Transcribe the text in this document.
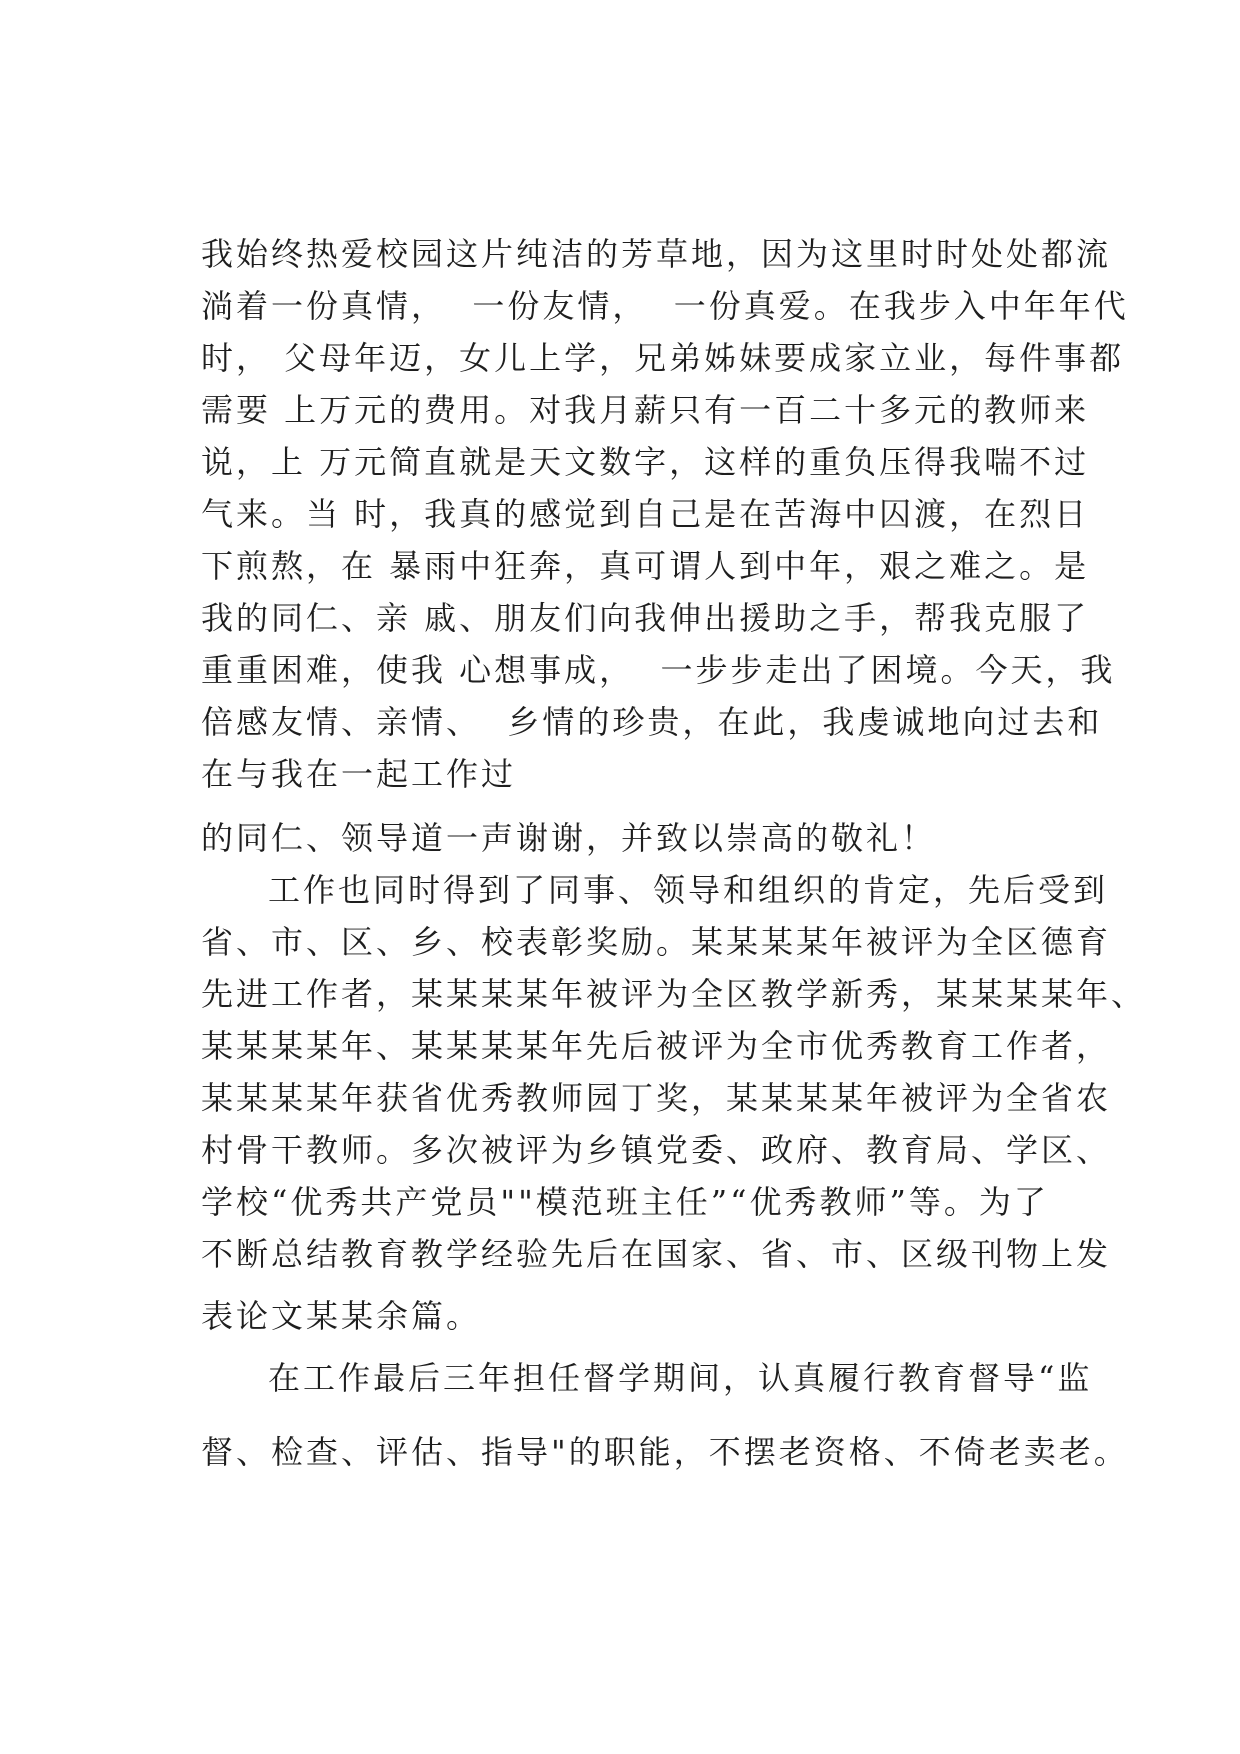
我始终热爱校园这片纯洁的芳草地，因为这里时时处处都流

淌着一份真情，  一份友情，  一份真爱。在我步入中年年代

时， 父母年迈，女儿上学，兄弟姊妹要成家立业，每件事都

需要 上万元的费用。对我月薪只有一百二十多元的教师来

说，上 万元简直就是天文数字，这样的重负压得我喘不过

气来。当 时，我真的感觉到自己是在苦海中囚渡，在烈日

下煎熬，在 暴雨中狂奔，真可谓人到中年，艰之难之。是

我的同仁、亲 戚、朋友们向我伸出援助之手，帮我克服了

重重困难，使我 心想事成，  一步步走出了困境。今天，我

倍感友情、亲情、  乡情的珍贵，在此，我虔诚地向过去和

在与我在一起工作过

的同仁、领导道一声谢谢，并致以崇高的敬礼！

工作也同时得到了同事、领导和组织的肯定，先后受到

省、市、区、乡、校表彰奖励。某某某某年被评为全区德育

先进工作者，某某某某年被评为全区教学新秀，某某某某年、

某某某某年、某某某某年先后被评为全市优秀教育工作者，

某某某某年获省优秀教师园丁奖，某某某某年被评为全省农

村骨干教师。多次被评为乡镇党委、政府、教育局、学区、

学校“优秀共产党员""模范班主任”“优秀教师”等。为了

不断总结教育教学经验先后在国家、省、市、区级刊物上发

表论文某某余篇。

在工作最后三年担任督学期间，认真履行教育督导“监

督、检查、评估、指导"的职能，不摆老资格、不倚老卖老。
